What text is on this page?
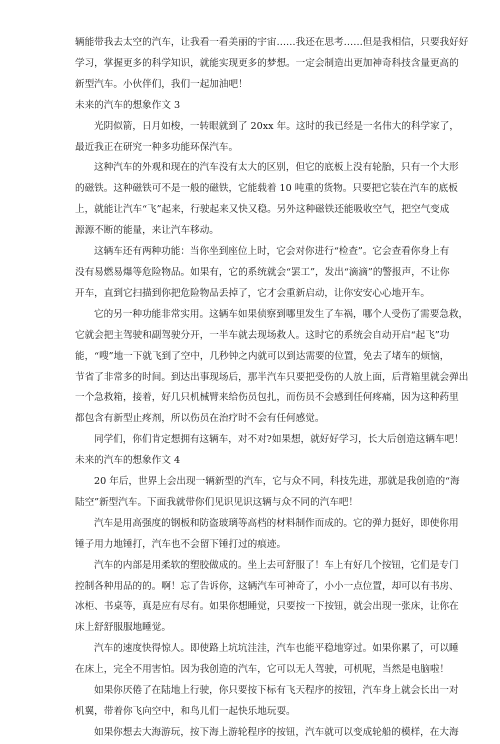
辆能带我去太空的汽车，让我看一看美丽的宇宙……我还在思考……但是我相信，只要我好好
学习，掌握更多的科学知识，就能实现更多的梦想。一定会制造出更加神奇科技含量更高的
新型汽车。小伙伴们，我们一起加油吧！
未来的汽车的想象作文 3
光阴似箭，日月如梭，一转眼就到了 20xx 年。这时的我已经是一名伟大的科学家了，
最近我正在研究一种多功能环保汽车。
这种汽车的外观和现在的汽车没有太大的区别，但它的底板上没有轮胎，只有一个大形
的磁铁。这种磁铁可不是一般的磁铁，它能载着 10 吨重的货物。只要把它装在汽车的底板
上，就能让汽车“飞”起来，行驶起来又快又稳。另外这种磁铁还能吸收空气，把空气变成
源源不断的能量，来让汽车移动。
这辆车还有两种功能：当你坐到座位上时，它会对你进行“检查”。它会查看你身上有
没有易燃易爆等危险物品。如果有，它的系统就会“罢工”，发出“滴滴”的警报声，不让你
开车，直到它扫描到你把危险物品丢掉了，它才会重新启动，让你安安心心地开车。
它的另一种功能非常实用。这辆车如果侦察到哪里发生了车祸，哪个人受伤了需要急救，
它就会把主驾驶和副驾驶分开，一半车就去现场救人。这时它的系统会自动开启“起飞”功
能，“嗖”地一下就飞到了空中，几秒钟之内就可以到达需要的位置，免去了堵车的烦恼，
节省了非常多的时间。到达出事现场后，那半汽车只要把受伤的人放上面，后背箱里就会弹出
一个急救箱，接着，好几只机械臂来给伤员包扎，而伤员不会感到任何疼痛，因为这种药里
都包含有新型止疼剂，所以伤员在治疗时不会有任何感觉。
同学们，你们肯定想拥有这辆车，对不对?如果想，就好好学习，长大后创造这辆车吧！
未来的汽车的想象作文 4
20 年后，世界上会出现一辆新型的汽车，它与众不同，科技先进，那就是我创造的“海
陆空”新型汽车。下面我就带你们见识见识这辆与众不同的汽车吧！
汽车是用高强度的钢板和防盗玻璃等高档的材料制作而成的。它的弹力挺好，即使你用
锤子用力地锤打，汽车也不会留下锤打过的痕迹。
汽车的内部是用柔软的塑胶做成的。坐上去可舒服了！车上有好几个按钮，它们是专门
控制各种用品的的。啊！忘了告诉你，这辆汽车可神奇了，小小一点位置，却可以有书房、
冰柜、书桌等，真是应有尽有。如果你想睡觉，只要按一下按钮，就会出现一张床，让你在
床上舒舒服服地睡觉。
汽车的速度快得惊人。即使路上坑坑洼洼，汽车也能平稳地穿过。如果你累了，可以睡
在床上，完全不用害怕。因为我创造的汽车，它可以无人驾驶，可机呢，当然是电脑啦！
如果你厌倦了在陆地上行驶，你只要按下标有飞天程序的按钮，汽车身上就会长出一对
机翼，带着你飞向空中，和鸟儿们一起快乐地玩耍。
如果你想去大海游玩，按下海上游轮程序的按钮，汽车就可以变成轮船的模样，在大海
